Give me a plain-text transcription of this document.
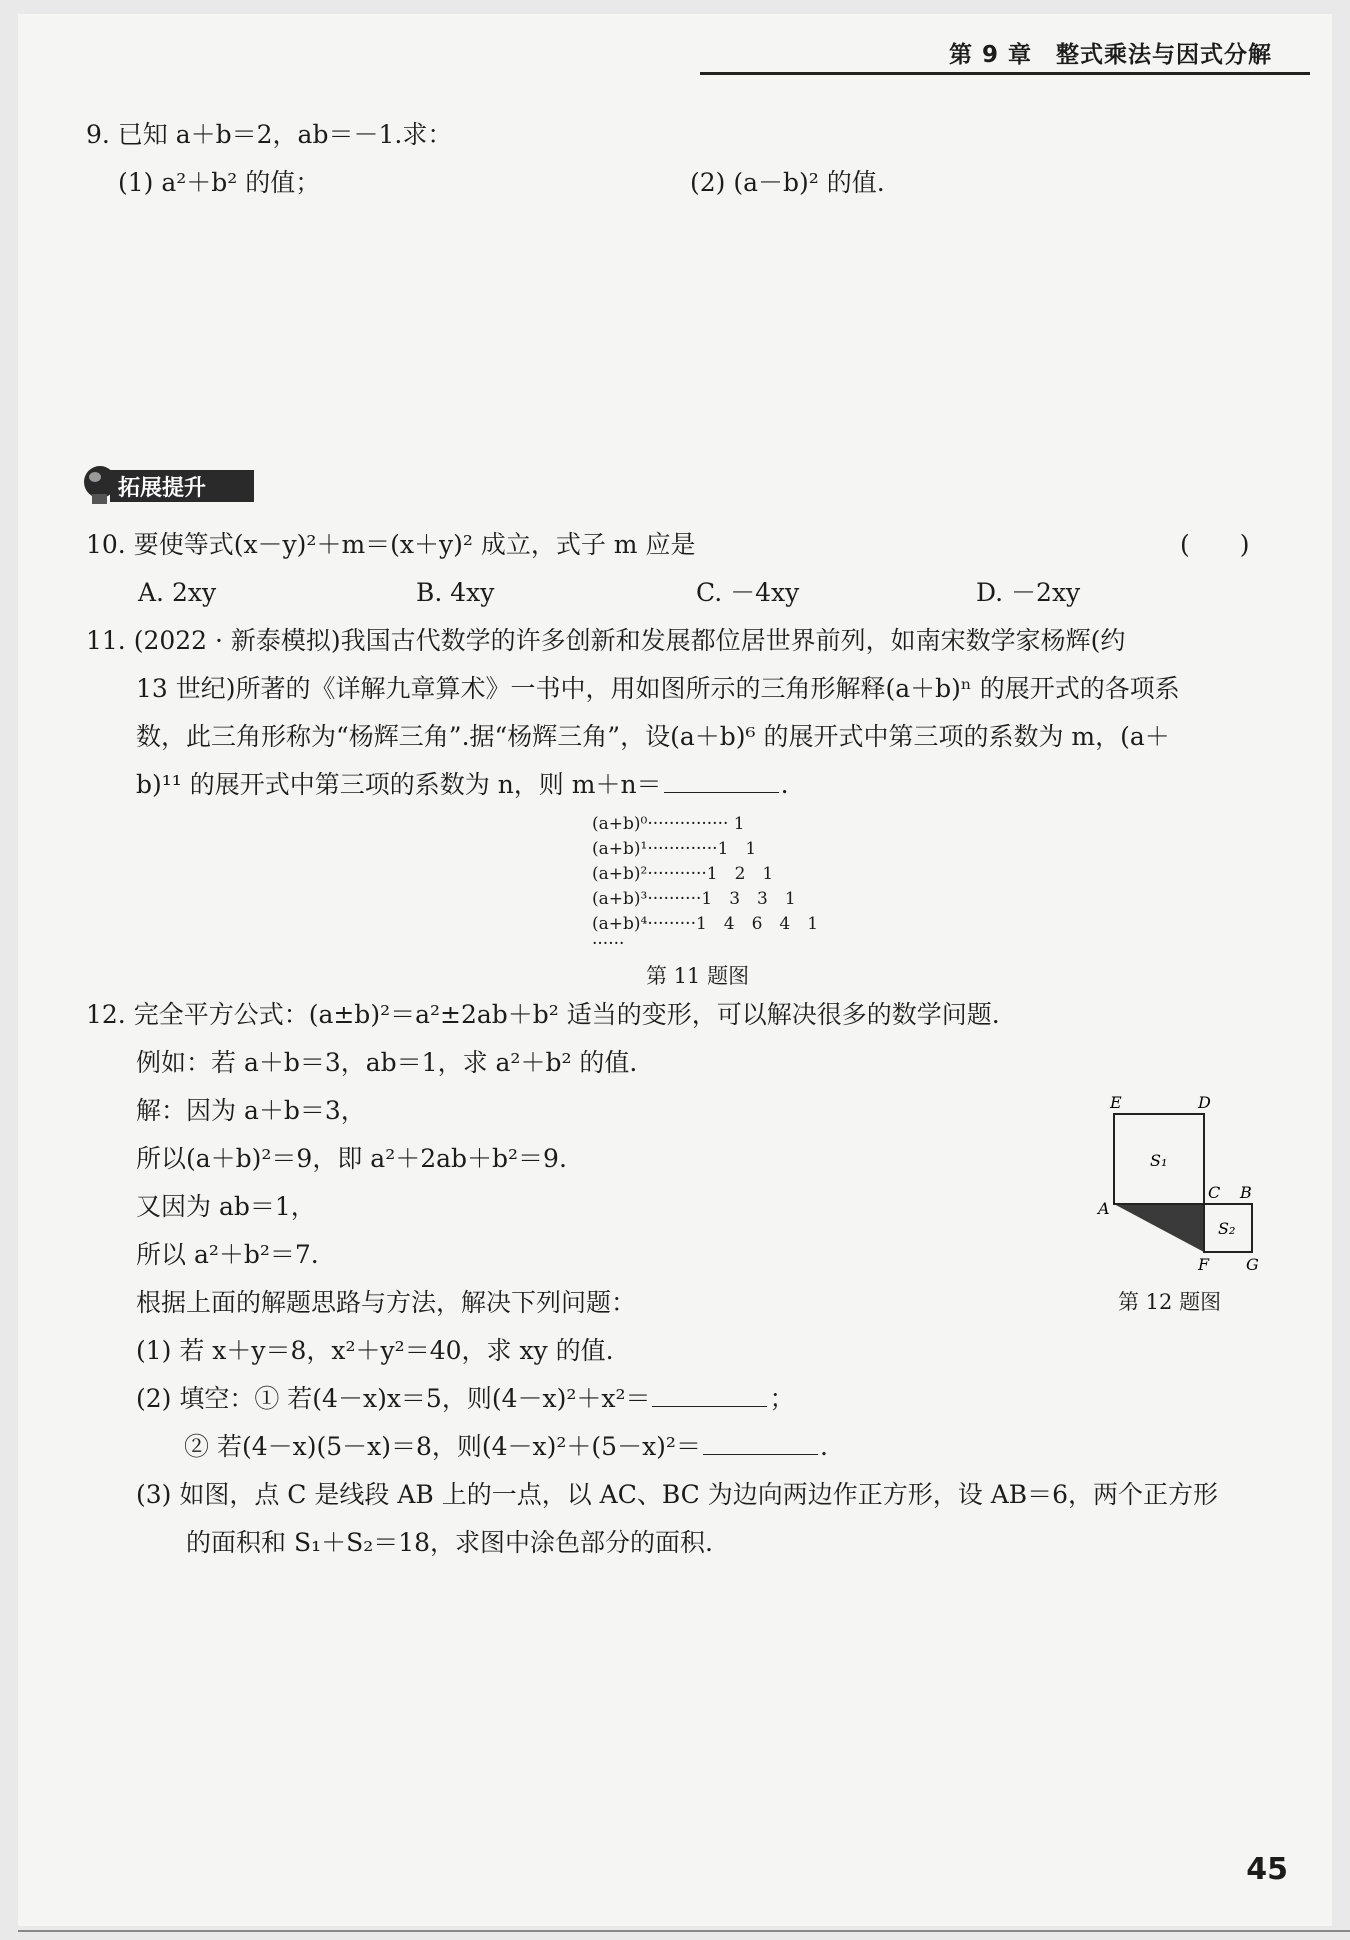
第 9 章　整式乘法与因式分解
9. 已知 a＋b＝2，ab＝－1.求：
(1) a²＋b² 的值；	(2) (a－b)² 的值.
拓展提升
10. 要使等式(x－y)²＋m＝(x＋y)² 成立，式子 m 应是	(　　)
A. 2xy	B. 4xy	C. －4xy	D. －2xy
11. (2022 · 新泰模拟)我国古代数学的许多创新和发展都位居世界前列，如南宋数学家杨辉(约
13 世纪)所著的《详解九章算术》一书中，用如图所示的三角形解释(a＋b)ⁿ 的展开式的各项系
数，此三角形称为“杨辉三角”.据“杨辉三角”，设(a＋b)⁶ 的展开式中第三项的系数为 m，(a＋
b)¹¹ 的展开式中第三项的系数为 n，则 m＋n＝	.
(a+b)⁰··············· 1
(a+b)¹·············1　1
(a+b)²···········1　2　1
(a+b)³··········1　3　3　1
(a+b)⁴·········1　4　6　4　1
······
第 11 题图
12. 完全平方公式：(a±b)²＝a²±2ab＋b² 适当的变形，可以解决很多的数学问题.
例如：若 a＋b＝3，ab＝1，求 a²＋b² 的值.
解：因为 a＋b＝3，
所以(a＋b)²＝9，即 a²＋2ab＋b²＝9.
又因为 ab＝1，
所以 a²＋b²＝7.
根据上面的解题思路与方法，解决下列问题：
(1) 若 x＋y＝8，x²＋y²＝40，求 xy 的值.
(2) 填空：① 若(4－x)x＝5，则(4－x)²＋x²＝	；
② 若(4－x)(5－x)＝8，则(4－x)²＋(5－x)²＝	.
(3) 如图，点 C 是线段 AB 上的一点，以 AC、BC 为边向两边作正方形，设 AB＝6，两个正方形
的面积和 S₁＋S₂＝18，求图中涂色部分的面积.
E	D
S₁
A
C B
S₂
F G
第 12 题图
45
